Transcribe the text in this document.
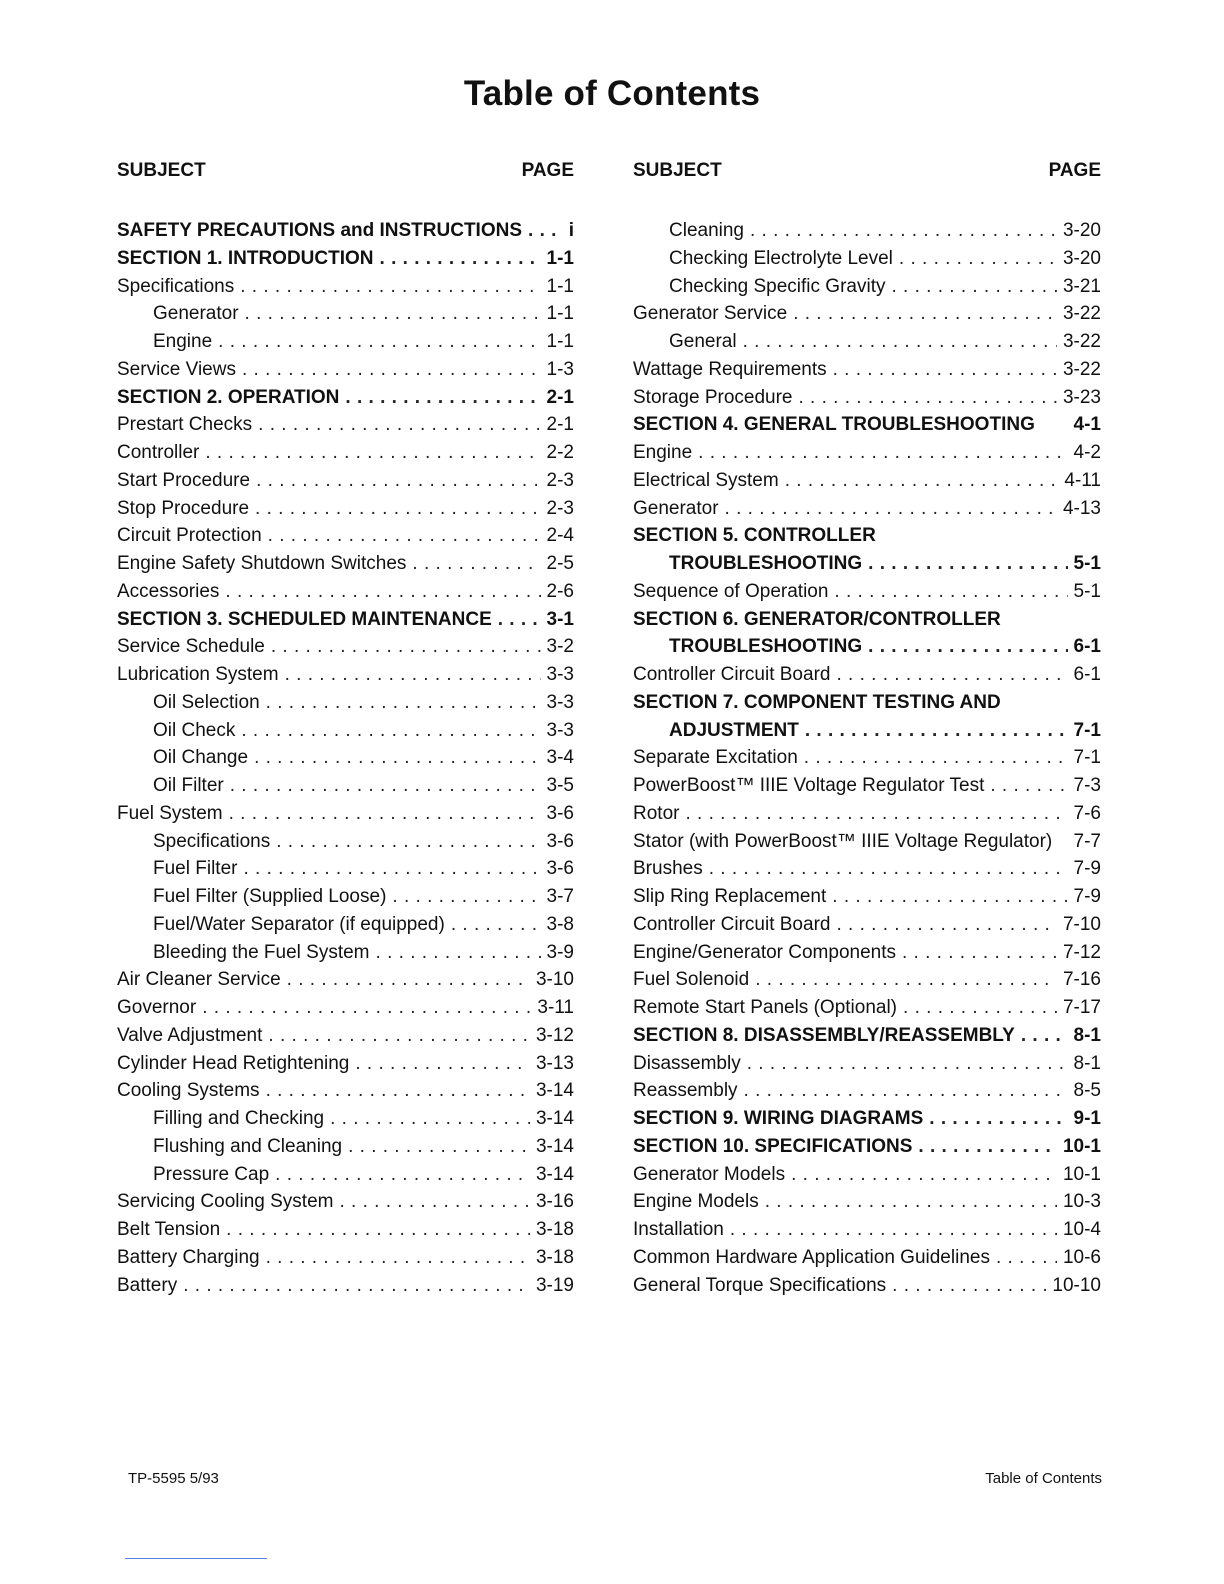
Table of Contents
SUBJECT	PAGE
SAFETY PRECAUTIONS and INSTRUCTIONS . . . i
SECTION 1. INTRODUCTION . . .	1-1
Specifications . . .	1-1
Generator . . .	1-1
Engine . . .	1-1
Service Views . . .	1-3
SECTION 2. OPERATION . . .	2-1
Prestart Checks . . .	2-1
Controller . . .	2-2
Start Procedure . . .	2-3
Stop Procedure . . .	2-3
Circuit Protection . . .	2-4
Engine Safety Shutdown Switches . . .	2-5
Accessories . . .	2-6
SECTION 3. SCHEDULED MAINTENANCE . . .	3-1
Service Schedule . . .	3-2
Lubrication System . . .	3-3
Oil Selection . . .	3-3
Oil Check . . .	3-3
Oil Change . . .	3-4
Oil Filter . . .	3-5
Fuel System . . .	3-6
Specifications . . .	3-6
Fuel Filter . . .	3-6
Fuel Filter (Supplied Loose) . . .	3-7
Fuel/Water Separator (if equipped) . . .	3-8
Bleeding the Fuel System . . .	3-9
Air Cleaner Service . . .	3-10
Governor . . .	3-11
Valve Adjustment . . .	3-12
Cylinder Head Retightening . . .	3-13
Cooling Systems . . .	3-14
Filling and Checking . . .	3-14
Flushing and Cleaning . . .	3-14
Pressure Cap . . .	3-14
Servicing Cooling System . . .	3-16
Belt Tension . . .	3-18
Battery Charging . . .	3-18
Battery . . .	3-19
SUBJECT	PAGE
Cleaning . . .	3-20
Checking Electrolyte Level . . .	3-20
Checking Specific Gravity . . .	3-21
Generator Service . . .	3-22
General . . .	3-22
Wattage Requirements . . .	3-22
Storage Procedure . . .	3-23
SECTION 4. GENERAL TROUBLESHOOTING 4-1
Engine . . .	4-2
Electrical System . . .	4-11
Generator . . .	4-13
SECTION 5. CONTROLLER
TROUBLESHOOTING . . .	5-1
Sequence of Operation . . .	5-1
SECTION 6. GENERATOR/CONTROLLER
TROUBLESHOOTING . . .	6-1
Controller Circuit Board . . .	6-1
SECTION 7. COMPONENT TESTING AND
ADJUSTMENT . . .	7-1
Separate Excitation . . .	7-1
PowerBoost™ IIIE Voltage Regulator Test . . .	7-3
Rotor . . .	7-6
Stator (with PowerBoost™ IIIE Voltage Regulator) 7-7
Brushes . . .	7-9
Slip Ring Replacement . . .	7-9
Controller Circuit Board . . .	7-10
Engine/Generator Components . . .	7-12
Fuel Solenoid . . .	7-16
Remote Start Panels (Optional) . . .	7-17
SECTION 8. DISASSEMBLY/REASSEMBLY . . .	8-1
Disassembly . . .	8-1
Reassembly . . .	8-5
SECTION 9. WIRING DIAGRAMS . . .	9-1
SECTION 10. SPECIFICATIONS . . .	10-1
Generator Models . . .	10-1
Engine Models . . .	10-3
Installation . . .	10-4
Common Hardware Application Guidelines . . .	10-6
General Torque Specifications . . .	10-10
TP-5595 5/93	Table of Contents
